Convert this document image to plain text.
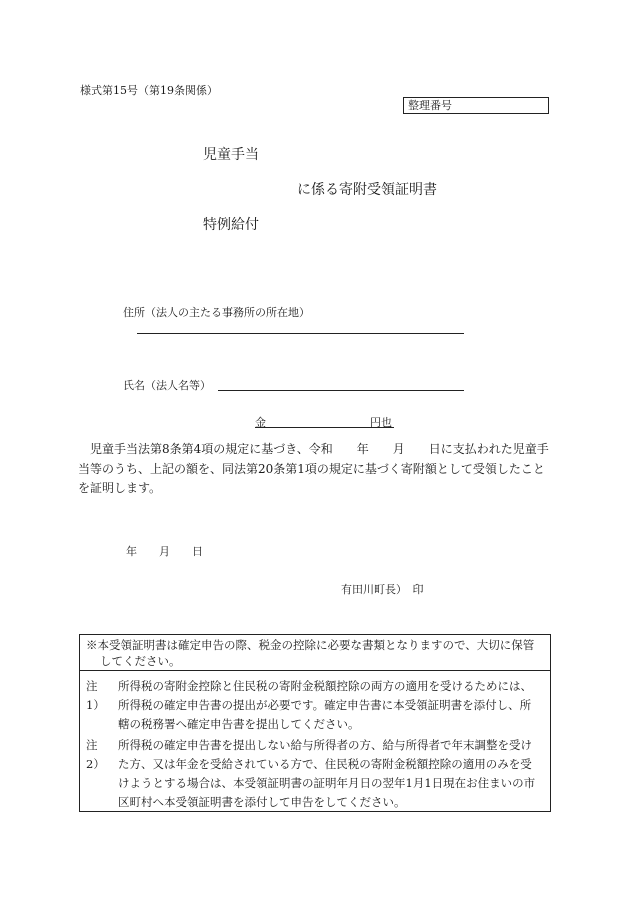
様式第15号（第19条関係）
整理番号
児童手当
に係る寄附受領証明書
特例給付
住所（法人の主たる事務所の所在地）
氏名（法人名等）
金	円也
児童手当法第8条第4項の規定に基づき、令和　　年　　月　　日に支払われた児童手当等のうち、上記の額を、同法第20条第1項の規定に基づく寄附額として受領したことを証明します。
年　　月　　日
有田川町長）　印
※本受領証明書は確定申告の際、税金の控除に必要な書類となりますので、大切に保管
してください。
注1）
所得税の寄附金控除と住民税の寄附金税額控除の両方の適用を受けるためには、
所得税の確定申告書の提出が必要です。確定申告書に本受領証明書を添付し、所
轄の税務署へ確定申告書を提出してください。
注2）
所得税の確定申告書を提出しない給与所得者の方、給与所得者で年末調整を受け
た方、又は年金を受給されている方で、住民税の寄附金税額控除の適用のみを受
けようとする場合は、本受領証明書の証明年月日の翌年1月1日現在お住まいの市
区町村へ本受領証明書を添付して申告をしてください。
